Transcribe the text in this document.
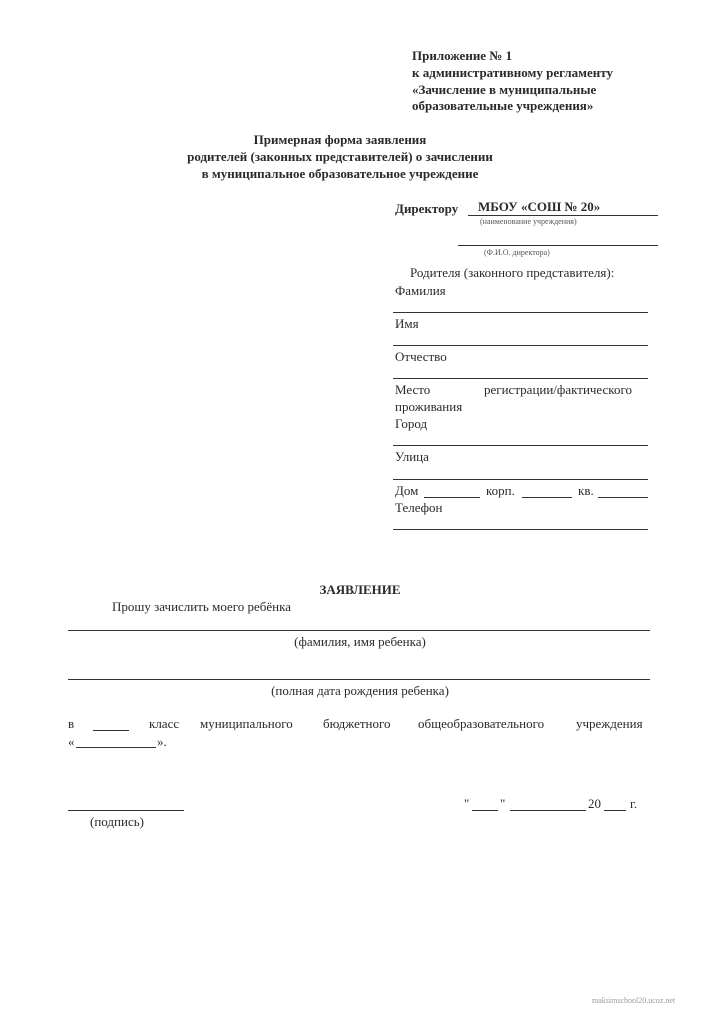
Приложение № 1
к административному регламенту
«Зачисление в муниципальные
образовательные учреждения»
Примерная форма заявления
родителей (законных представителей) о зачислении
в муниципальное образовательное учреждение
Директору МБОУ «СОШ № 20»
(наименование учреждения)
(Ф.И.О. директора)
Родителя (законного представителя):
Фамилия
Имя
Отчество
Место	регистрации/фактического
проживания
Город
Улица
Дом	корп.	кв.
Телефон
ЗАЯВЛЕНИЕ
Прошу зачислить моего ребёнка
(фамилия, имя ребенка)
(полная дата рождения ребенка)
в	класс муниципального бюджетного общеобразовательного учреждения
«	».
(подпись)
" "	20 г.
maksimschool20.ucoz.net
